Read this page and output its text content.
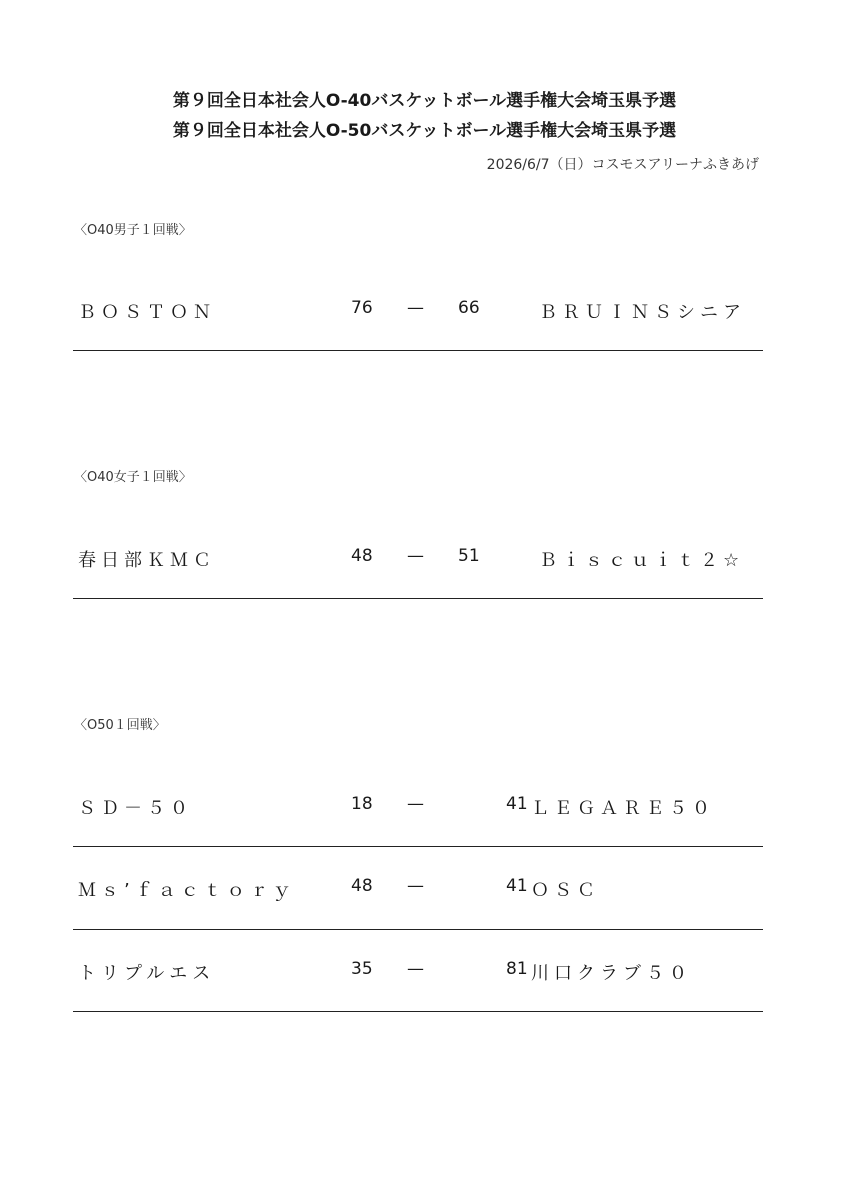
第９回全日本社会人O-40バスケットボール選手権大会埼玉県予選
第９回全日本社会人O-50バスケットボール選手権大会埼玉県予選
2026/6/7（日）コスモスアリーナふきあげ
〈O40男子１回戦〉
ＢＯＳＴＯＮ	76 — 66	ＢＲＵＩＮＳシニア
〈O40女子１回戦〉
春日部ＫＭＣ	48 — 51	Ｂｉｓｃｕｉｔ２☆
〈O50１回戦〉
ＳＤ－５０	18 —	41 ＬＥＧＡＲＥ５０
Ｍｓ’ｆａｃｔｏｒｙ	48 —	41 ＯＳＣ
トリプルエス	35 —	81 川口クラブ５０
